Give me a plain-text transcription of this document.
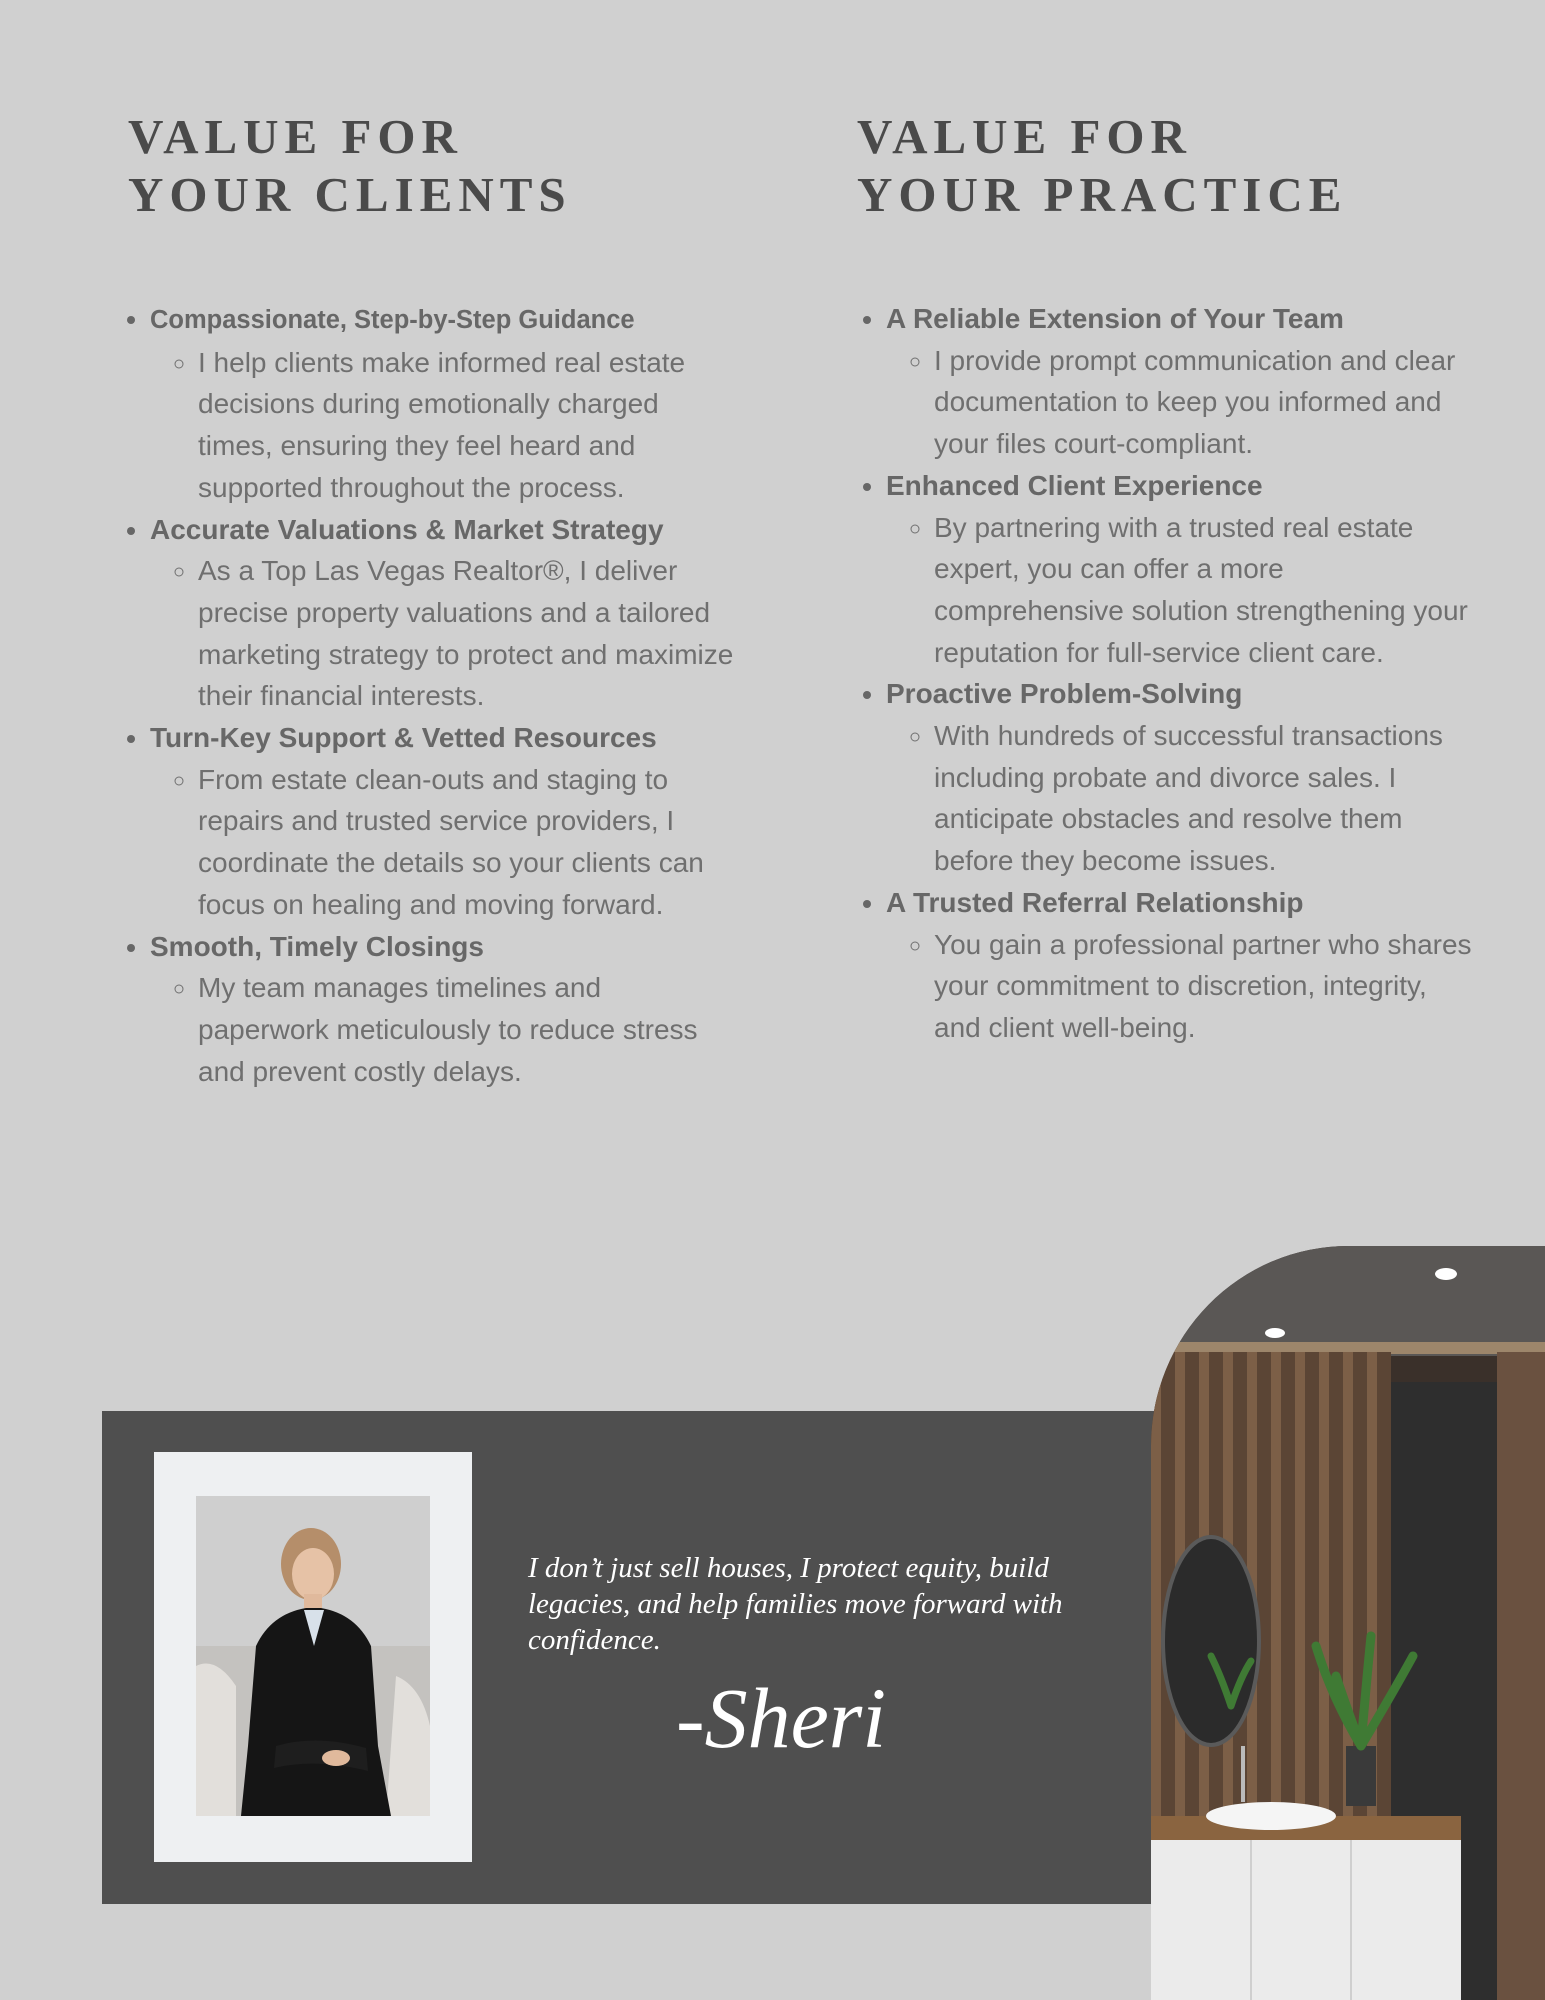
VALUE FOR
YOUR CLIENTS
VALUE FOR
YOUR PRACTICE
• Compassionate, Step-by-Step Guidance
◦ I help clients make informed real estate decisions during emotionally charged times, ensuring they feel heard and supported throughout the process.
• Accurate Valuations & Market Strategy
◦ As a Top Las Vegas Realtor®, I deliver precise property valuations and a tailored marketing strategy to protect and maximize their financial interests.
• Turn-Key Support & Vetted Resources
◦ From estate clean-outs and staging to repairs and trusted service providers, I coordinate the details so your clients can focus on healing and moving forward.
• Smooth, Timely Closings
◦ My team manages timelines and paperwork meticulously to reduce stress and prevent costly delays.
• A Reliable Extension of Your Team
◦ I provide prompt communication and clear documentation to keep you informed and your files court-compliant.
• Enhanced Client Experience
◦ By partnering with a trusted real estate expert, you can offer a more comprehensive solution strengthening your reputation for full-service client care.
• Proactive Problem-Solving
◦ With hundreds of successful transactions including probate and divorce sales. I anticipate obstacles and resolve them before they become issues.
• A Trusted Referral Relationship
◦ You gain a professional partner who shares your commitment to discretion, integrity, and client well-being.

I don’t just sell houses, I protect equity, build legacies, and help families move forward with confidence.

-Sheri
